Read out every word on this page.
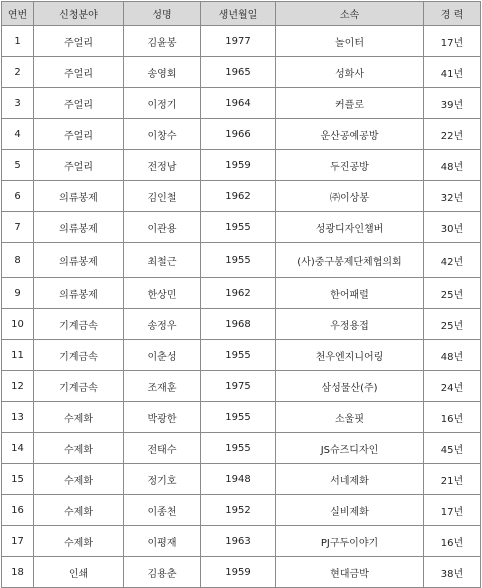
연번	신청분야	성명	생년월일	소속	경 력
1	주얼리	김윤봉	1977	놀이터	17년
2	주얼리	송영회	1965	성화사	41년
3	주얼리	이정기	1964	커플로	39년
4	주얼리	이창수	1966	운산공예공방	22년
5	주얼리	전정남	1959	두진공방	48년
6	의류봉제	김인철	1962	㈜이상봉	32년
7	의류봉제	이관용	1955	성광디자인챔버	30년
8	의류봉제	최철근	1955	(사)중구봉제단체협의회	42년
9	의류봉제	한상민	1962	한어패럴	25년
10	기계금속	송정우	1968	우정용접	25년
11	기계금속	이춘성	1955	천우엔지니어링	48년
12	기계금속	조재훈	1975	삼성물산(주)	24년
13	수제화	박광한	1955	소울핏	16년
14	수제화	전태수	1955	JS슈즈디자인	45년
15	수제화	정기호	1948	서네제화	21년
16	수제화	이종천	1952	실비제화	17년
17	수제화	이평재	1963	PJ구두이야기	16년
18	인쇄	김용춘	1959	현대금박	38년
